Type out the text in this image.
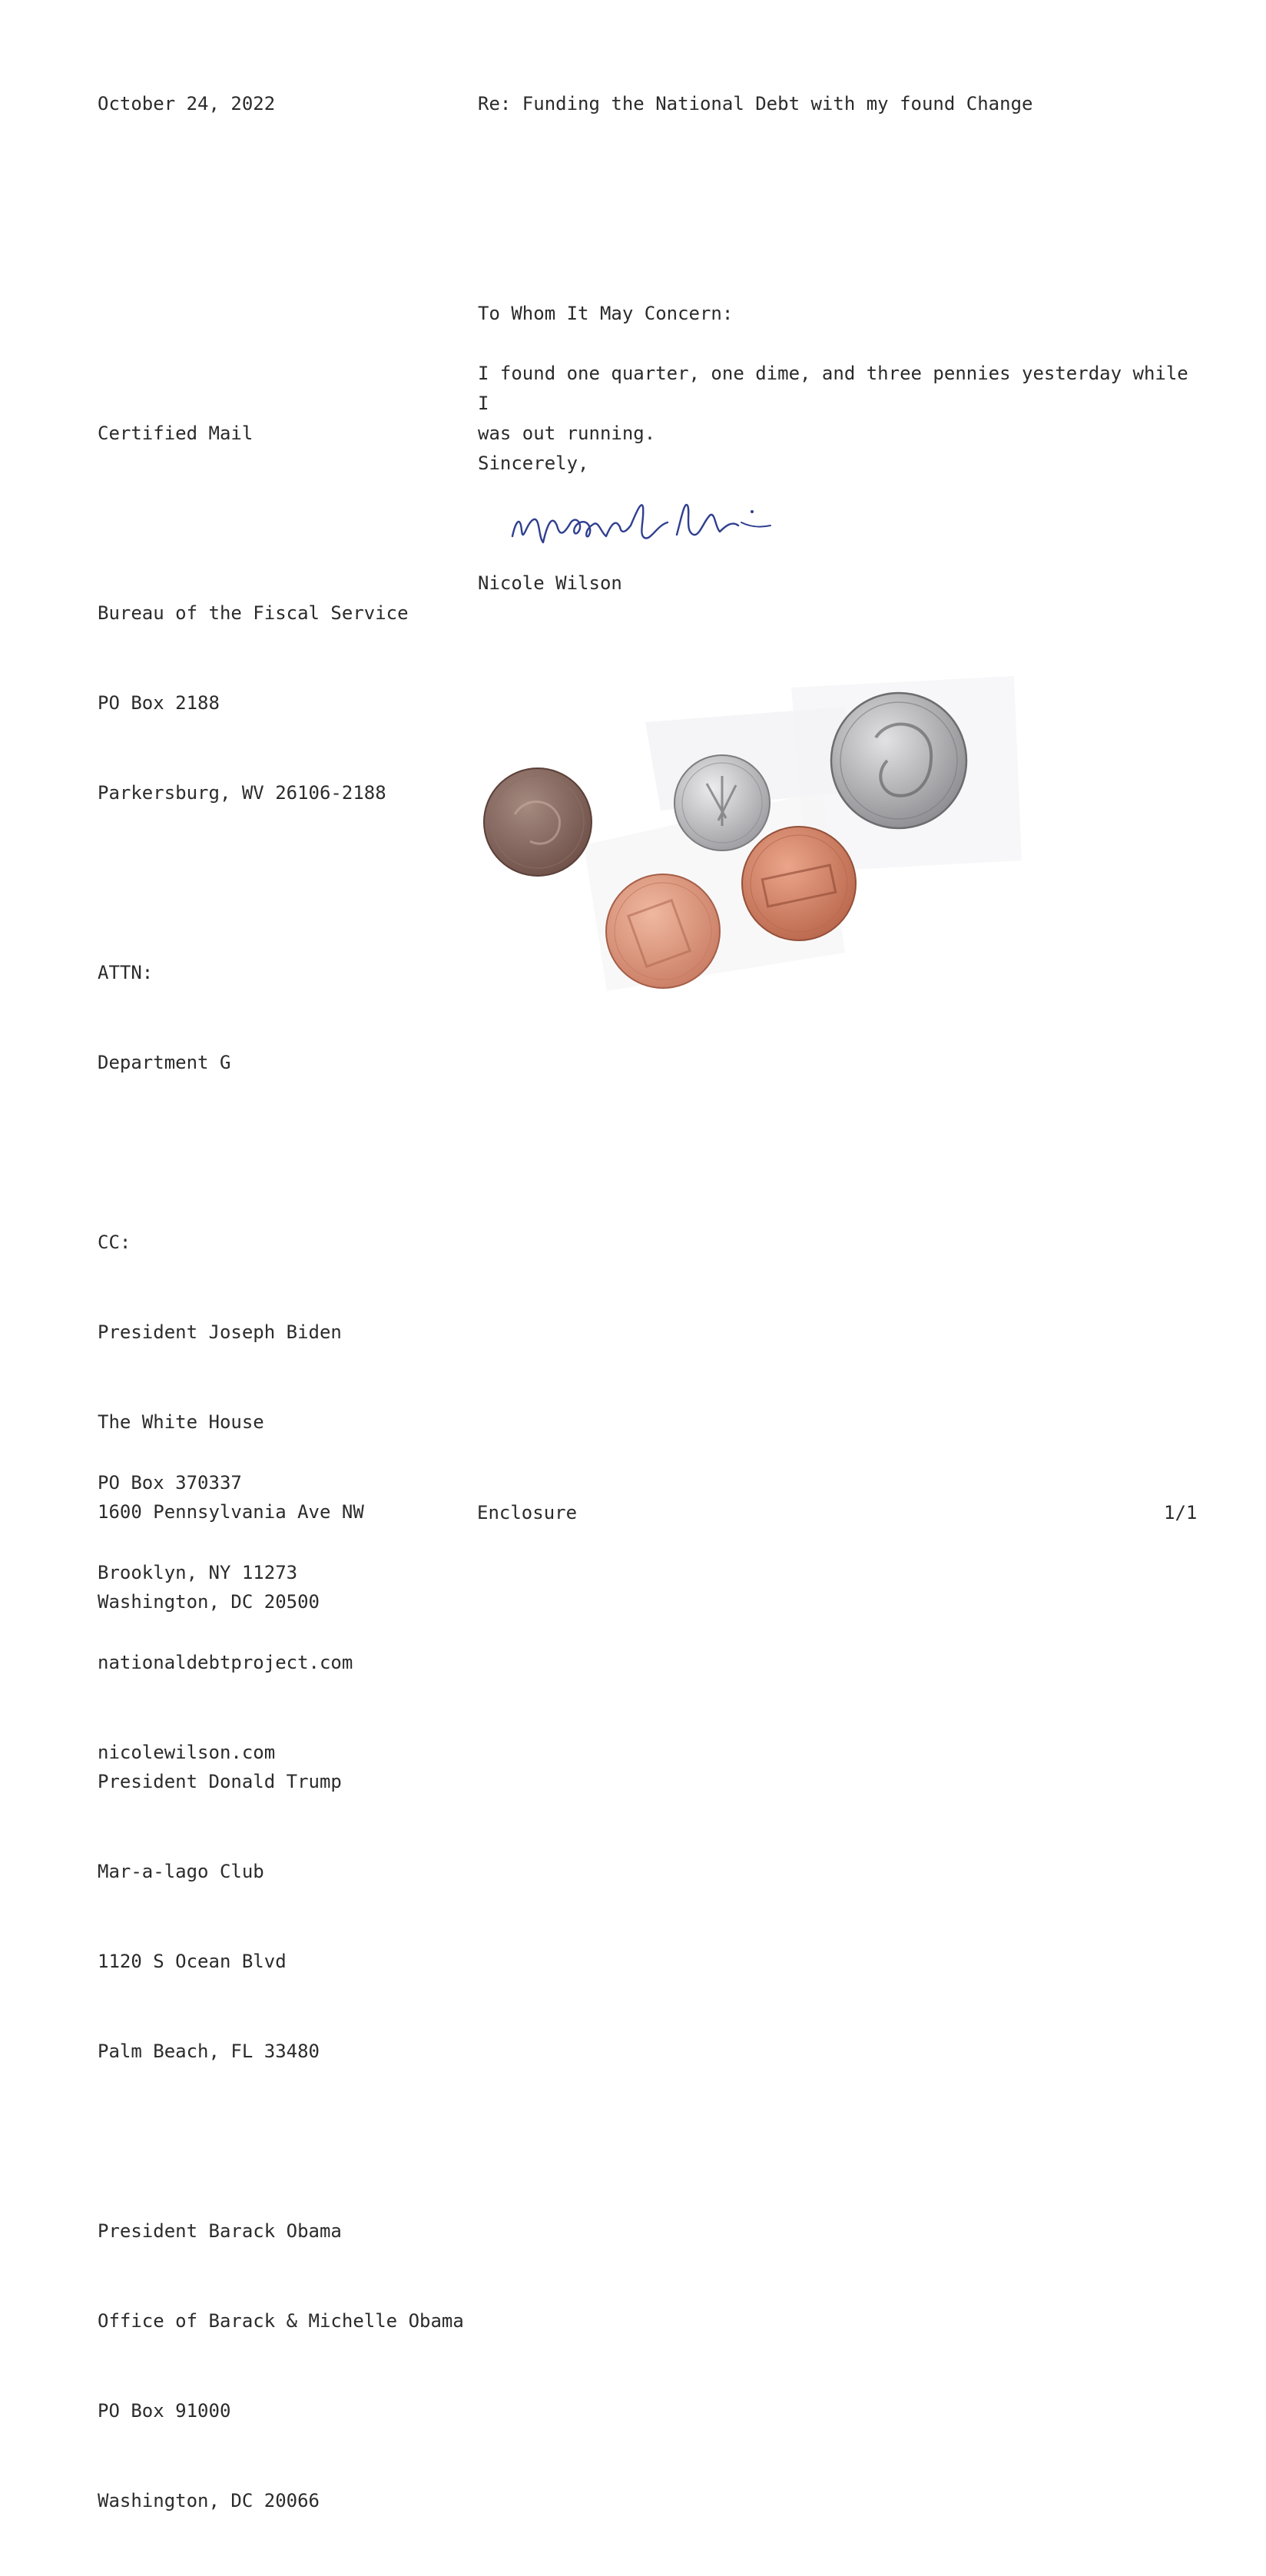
October 24, 2022	Re: Funding the National Debt with my found Change
To Whom It May Concern:
I found one quarter, one dime, and three pennies yesterday while I
was out running.
Sincerely,
Nicole Wilson

Certified Mail

Bureau of the Fiscal Service

PO Box 2188

Parkersburg, WV 26106-2188

ATTN:

Department G

CC:

President Joseph Biden

The White House

1600 Pennsylvania Ave NW

Washington, DC 20500

President Donald Trump

Mar-a-lago Club

1120 S Ocean Blvd

Palm Beach, FL 33480

President Barack Obama

Office of Barack & Michelle Obama

PO Box 91000

Washington, DC 20066

PO Box 370337

Brooklyn, NY 11273

nationaldebtproject.com

nicolewilson.com

Enclosure	1/1
